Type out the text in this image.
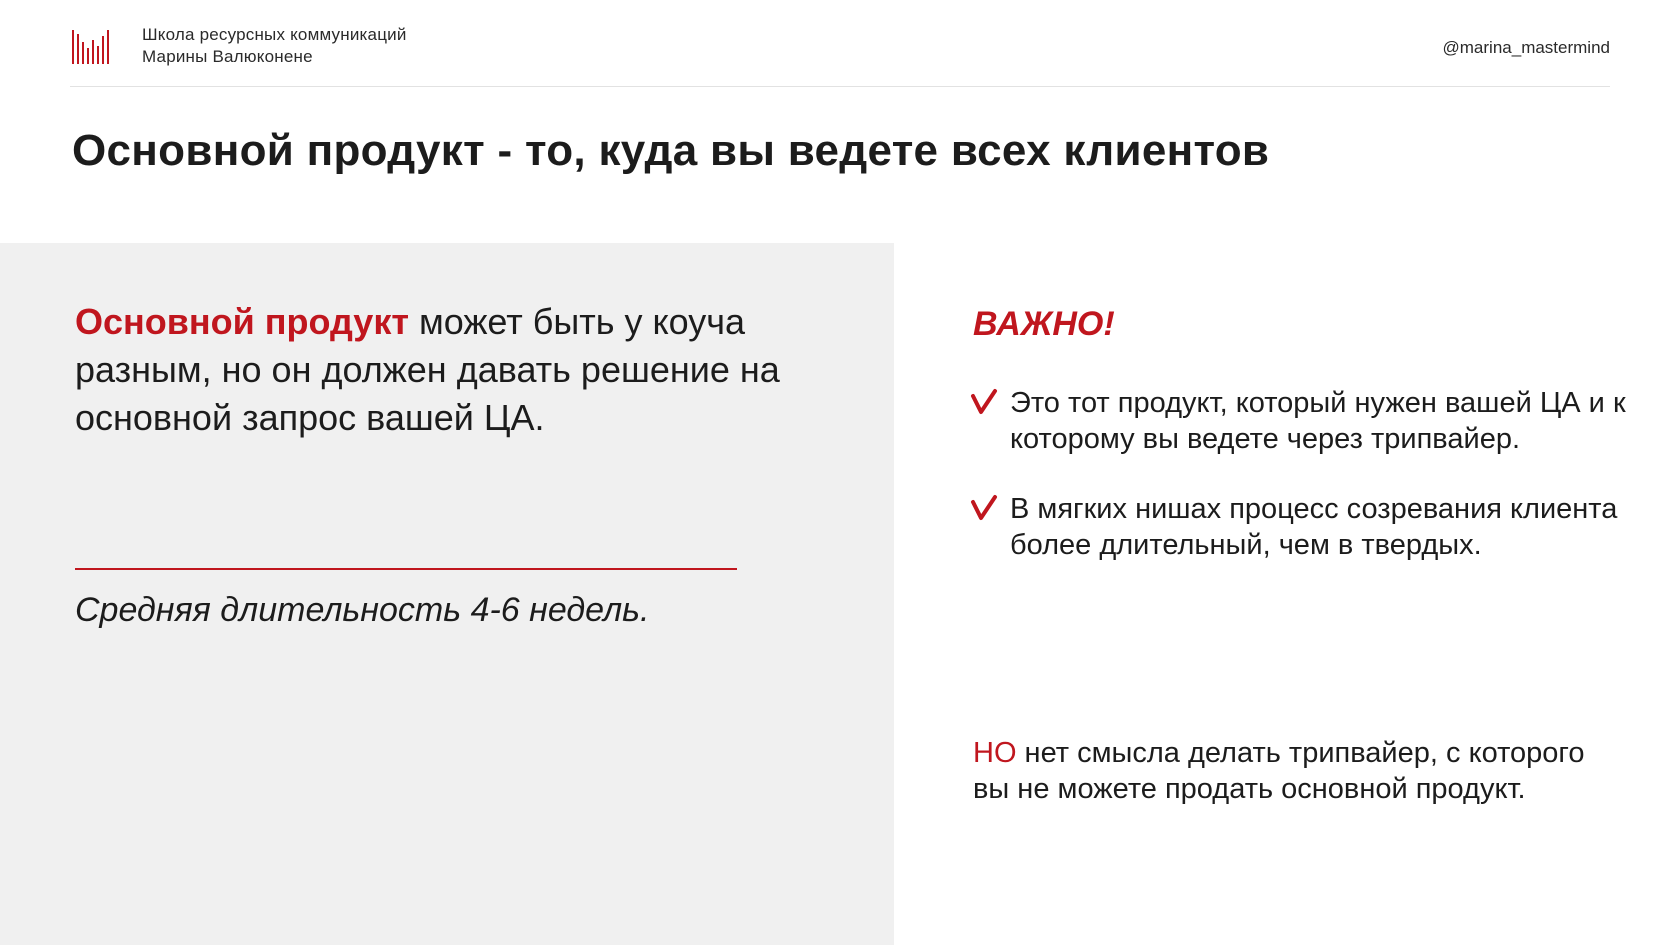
Школа ресурсных коммуникаций
Марины Валюконене	@marina_mastermind
Основной продукт - то, куда вы ведете всех клиентов

Основной продукт может быть у коуча разным, но он должен давать решение на основной запрос вашей ЦА.

Средняя длительность 4-6 недель.

ВАЖНО!
Это тот продукт, который нужен вашей ЦА и к которому вы ведете через трипвайер.
В мягких нишах процесс созревания клиента более длительный, чем в твердых.

НО нет смысла делать трипвайер, с которого вы не можете продать основной продукт.
